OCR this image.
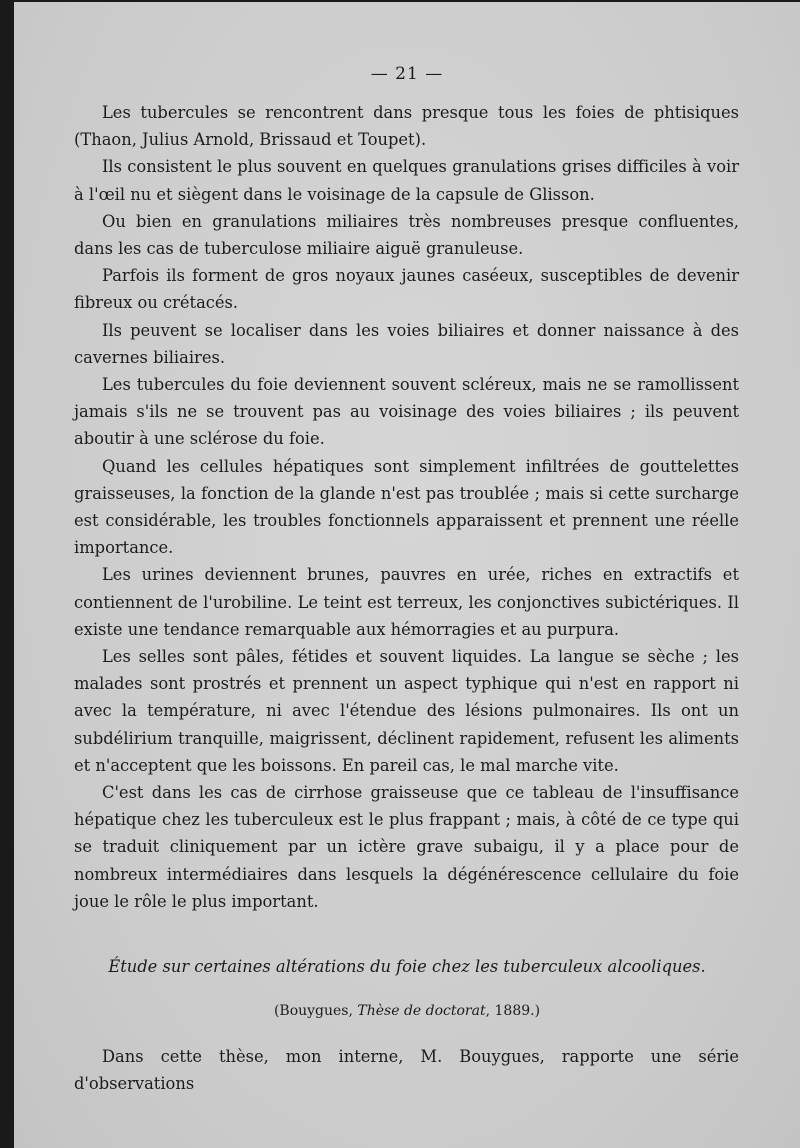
— 21 —

Les tubercules se rencontrent dans presque tous les foies de phtisiques (Thaon, Julius Arnold, Brissaud et Toupet).

Ils consistent le plus souvent en quelques granulations grises difficiles à voir à l'œil nu et siègent dans le voisinage de la capsule de Glisson.

Ou bien en granulations miliaires très nombreuses presque confluentes, dans les cas de tuberculose miliaire aiguë granuleuse.

Parfois ils forment de gros noyaux jaunes caséeux, susceptibles de devenir fibreux ou crétacés.

Ils peuvent se localiser dans les voies biliaires et donner naissance à des cavernes biliaires.

Les tubercules du foie deviennent souvent scléreux, mais ne se ramollissent jamais s'ils ne se trouvent pas au voisinage des voies biliaires ; ils peuvent aboutir à une sclérose du foie.

Quand les cellules hépatiques sont simplement infiltrées de gouttelettes graisseuses, la fonction de la glande n'est pas troublée ; mais si cette surcharge est considérable, les troubles fonctionnels apparaissent et prennent une réelle importance.

Les urines deviennent brunes, pauvres en urée, riches en extractifs et contiennent de l'urobiline. Le teint est terreux, les conjonctives subictériques. Il existe une tendance remarquable aux hémorragies et au purpura.

Les selles sont pâles, fétides et souvent liquides. La langue se sèche ; les malades sont prostrés et prennent un aspect typhique qui n'est en rapport ni avec la température, ni avec l'étendue des lésions pulmonaires. Ils ont un subdélirium tranquille, maigrissent, déclinent rapidement, refusent les aliments et n'acceptent que les boissons. En pareil cas, le mal marche vite.

C'est dans les cas de cirrhose graisseuse que ce tableau de l'insuffisance hépatique chez les tuberculeux est le plus frappant ; mais, à côté de ce type qui se traduit cliniquement par un ictère grave subaigu, il y a place pour de nombreux intermédiaires dans lesquels la dégénérescence cellulaire du foie joue le rôle le plus important.

Étude sur certaines altérations du foie chez les tuberculeux alcooliques.

(Bouygues, Thèse de doctorat, 1889.)

Dans cette thèse, mon interne, M. Bouygues, rapporte une série d'observations
